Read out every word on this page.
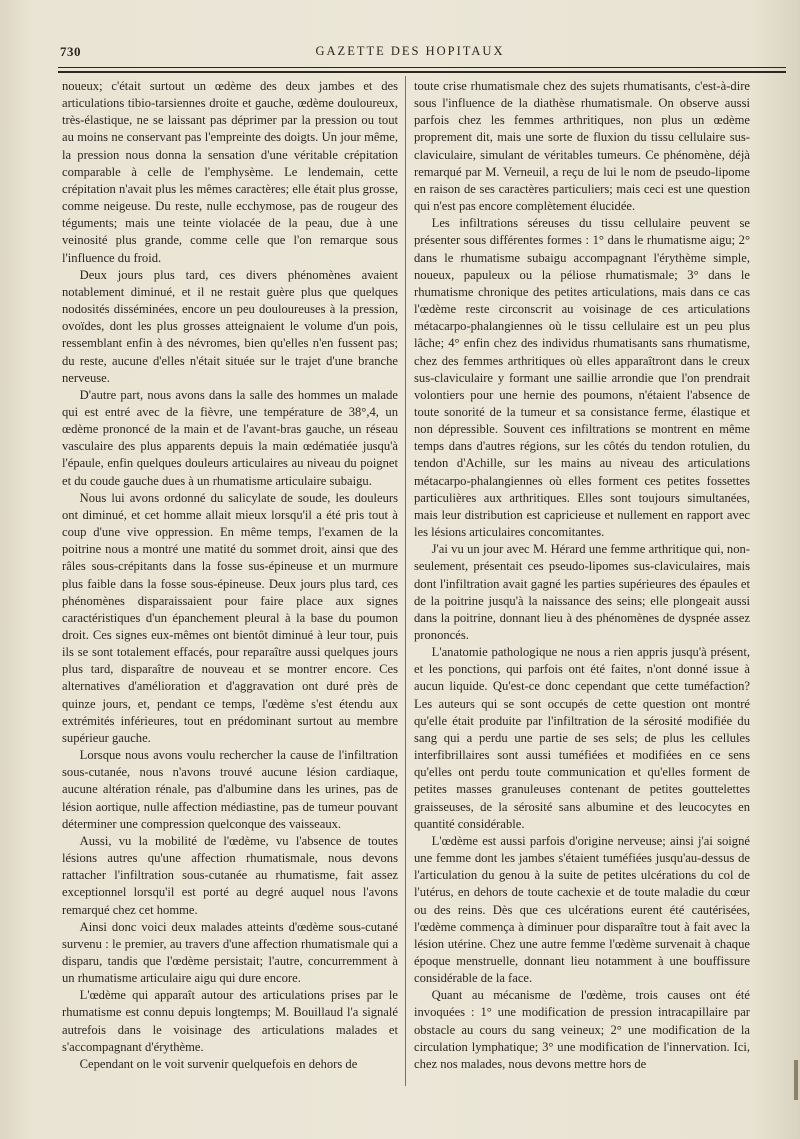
730	GAZETTE DES HOPITAUX

noueux; c'était surtout un œdème des deux jambes et des articulations tibio-tarsiennes droite et gauche, œdème douloureux, très-élastique, ne se laissant pas déprimer par la pression ou tout au moins ne conservant pas l'empreinte des doigts. Un jour même, la pression nous donna la sensation d'une véritable crépitation comparable à celle de l'emphysème. Le lendemain, cette crépitation n'avait plus les mêmes caractères; elle était plus grosse, comme neigeuse. Du reste, nulle ecchymose, pas de rougeur des téguments; mais une teinte violacée de la peau, due à une veinosité plus grande, comme celle que l'on remarque sous l'influence du froid.

Deux jours plus tard, ces divers phénomènes avaient notablement diminué, et il ne restait guère plus que quelques nodosités disséminées, encore un peu douloureuses à la pression, ovoïdes, dont les plus grosses atteignaient le volume d'un pois, ressemblant enfin à des névromes, bien qu'elles n'en fussent pas; du reste, aucune d'elles n'était située sur le trajet d'une branche nerveuse.

D'autre part, nous avons dans la salle des hommes un malade qui est entré avec de la fièvre, une température de 38°,4, un œdème prononcé de la main et de l'avant-bras gauche, un réseau vasculaire des plus apparents depuis la main œdématiée jusqu'à l'épaule, enfin quelques douleurs articulaires au niveau du poignet et du coude gauche dues à un rhumatisme articulaire subaigu.

Nous lui avons ordonné du salicylate de soude, les douleurs ont diminué, et cet homme allait mieux lorsqu'il a été pris tout à coup d'une vive oppression. En même temps, l'examen de la poitrine nous a montré une matité du sommet droit, ainsi que des râles sous-crépitants dans la fosse sus-épineuse et un murmure plus faible dans la fosse sous-épineuse. Deux jours plus tard, ces phénomènes disparaissaient pour faire place aux signes caractéristiques d'un épanchement pleural à la base du poumon droit. Ces signes eux-mêmes ont bientôt diminué à leur tour, puis ils se sont totalement effacés, pour reparaître aussi quelques jours plus tard, disparaître de nouveau et se montrer encore. Ces alternatives d'amélioration et d'aggravation ont duré près de quinze jours, et, pendant ce temps, l'œdème s'est étendu aux extrémités inférieures, tout en prédominant surtout au membre supérieur gauche.

Lorsque nous avons voulu rechercher la cause de l'infiltration sous-cutanée, nous n'avons trouvé aucune lésion cardiaque, aucune altération rénale, pas d'albumine dans les urines, pas de lésion aortique, nulle affection médiastine, pas de tumeur pouvant déterminer une compression quelconque des vaisseaux.

Aussi, vu la mobilité de l'œdème, vu l'absence de toutes lésions autres qu'une affection rhumatismale, nous devons rattacher l'infiltration sous-cutanée au rhumatisme, fait assez exceptionnel lorsqu'il est porté au degré auquel nous l'avons remarqué chez cet homme.

Ainsi donc voici deux malades atteints d'œdème sous-cutané survenu : le premier, au travers d'une affection rhumatismale qui a disparu, tandis que l'œdème persistait; l'autre, concurremment à un rhumatisme articulaire aigu qui dure encore.

L'œdème qui apparaît autour des articulations prises par le rhumatisme est connu depuis longtemps; M. Bouillaud l'a signalé autrefois dans le voisinage des articulations malades et s'accompagnant d'érythème.

Cependant on le voit survenir quelquefois en dehors de

toute crise rhumatismale chez des sujets rhumatisants, c'est-à-dire sous l'influence de la diathèse rhumatismale. On observe aussi parfois chez les femmes arthritiques, non plus un œdème proprement dit, mais une sorte de fluxion du tissu cellulaire sus-claviculaire, simulant de véritables tumeurs. Ce phénomène, déjà remarqué par M. Verneuil, a reçu de lui le nom de pseudo-lipome en raison de ses caractères particuliers; mais ceci est une question qui n'est pas encore complètement élucidée.

Les infiltrations séreuses du tissu cellulaire peuvent se présenter sous différentes formes : 1° dans le rhumatisme aigu; 2° dans le rhumatisme subaigu accompagnant l'érythème simple, noueux, papuleux ou la péliose rhumatismale; 3° dans le rhumatisme chronique des petites articulations, mais dans ce cas l'œdème reste circonscrit au voisinage de ces articulations métacarpo-phalangiennes où le tissu cellulaire est un peu plus lâche; 4° enfin chez des individus rhumatisants sans rhumatisme, chez des femmes arthritiques où elles apparaîtront dans le creux sus-claviculaire y formant une saillie arrondie que l'on prendrait volontiers pour une hernie des poumons, n'étaient l'absence de toute sonorité de la tumeur et sa consistance ferme, élastique et non dépressible. Souvent ces infiltrations se montrent en même temps dans d'autres régions, sur les côtés du tendon rotulien, du tendon d'Achille, sur les mains au niveau des articulations métacarpo-phalangiennes où elles forment ces petites fossettes particulières aux arthritiques. Elles sont toujours simultanées, mais leur distribution est capricieuse et nullement en rapport avec les lésions articulaires concomitantes.

J'ai vu un jour avec M. Hérard une femme arthritique qui, non-seulement, présentait ces pseudo-lipomes sus-claviculaires, mais dont l'infiltration avait gagné les parties supérieures des épaules et de la poitrine jusqu'à la naissance des seins; elle plongeait aussi dans la poitrine, donnant lieu à des phénomènes de dyspnée assez prononcés.

L'anatomie pathologique ne nous a rien appris jusqu'à présent, et les ponctions, qui parfois ont été faites, n'ont donné issue à aucun liquide. Qu'est-ce donc cependant que cette tuméfaction? Les auteurs qui se sont occupés de cette question ont montré qu'elle était produite par l'infiltration de la sérosité modifiée du sang qui a perdu une partie de ses sels; de plus les cellules interfibrillaires sont aussi tuméfiées et modifiées en ce sens qu'elles ont perdu toute communication et qu'elles forment de petites masses granuleuses contenant de petites gouttelettes graisseuses, de la sérosité sans albumine et des leucocytes en quantité considérable.

L'œdème est aussi parfois d'origine nerveuse; ainsi j'ai soigné une femme dont les jambes s'étaient tuméfiées jusqu'au-dessus de l'articulation du genou à la suite de petites ulcérations du col de l'utérus, en dehors de toute cachexie et de toute maladie du cœur ou des reins. Dès que ces ulcérations eurent été cautérisées, l'œdème commença à diminuer pour disparaître tout à fait avec la lésion utérine. Chez une autre femme l'œdème survenait à chaque époque menstruelle, donnant lieu notamment à une bouffissure considérable de la face.

Quant au mécanisme de l'œdème, trois causes ont été invoquées : 1° une modification de pression intracapillaire par obstacle au cours du sang veineux; 2° une modification de la circulation lymphatique; 3° une modification de l'innervation. Ici, chez nos malades, nous devons mettre hors de
